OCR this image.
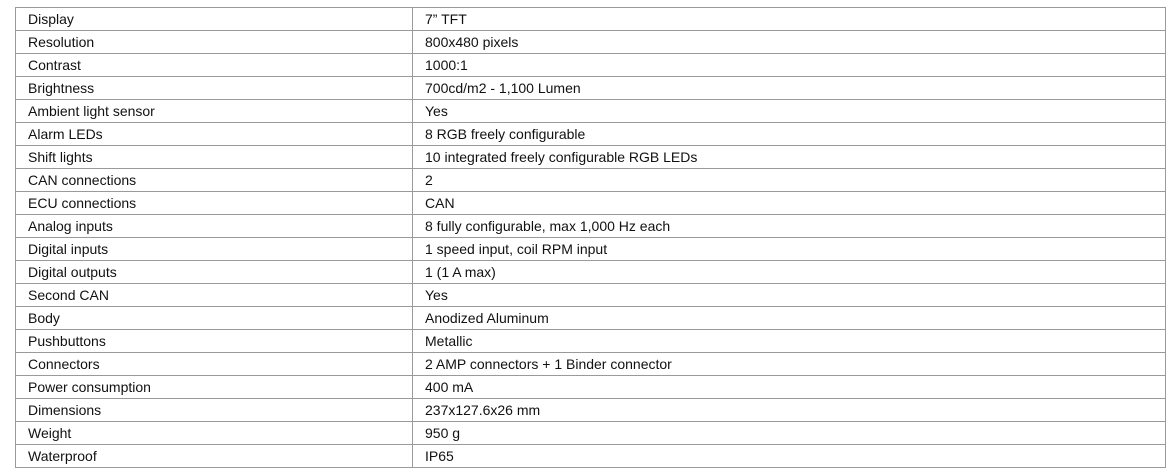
Display	7” TFT
Resolution	800x480 pixels
Contrast	1000:1
Brightness	700cd/m2 - 1,100 Lumen
Ambient light sensor	Yes
Alarm LEDs	8 RGB freely configurable
Shift lights	10 integrated freely configurable RGB LEDs
CAN connections	2
ECU connections	CAN
Analog inputs	8 fully configurable, max 1,000 Hz each
Digital inputs	1 speed input, coil RPM input
Digital outputs	1 (1 A max)
Second CAN	Yes
Body	Anodized Aluminum
Pushbuttons	Metallic
Connectors	2 AMP connectors + 1 Binder connector
Power consumption	400 mA
Dimensions	237x127.6x26 mm
Weight	950 g
Waterproof	IP65
